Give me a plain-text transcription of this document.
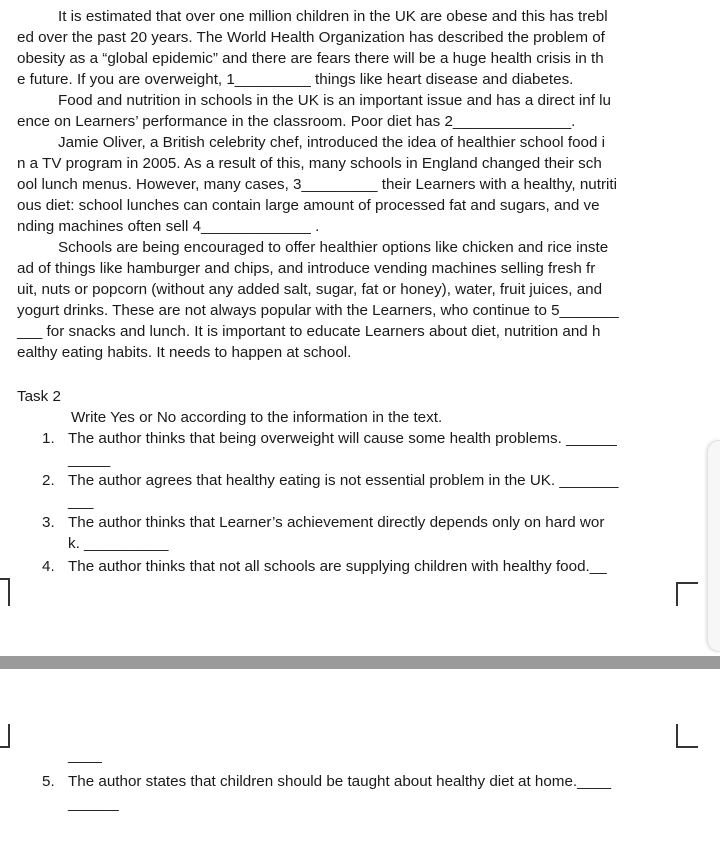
It is estimated that over one million children in the UK are obese and this has trebl
ed over the past 20 years. The World Health Organization has described the problem of
obesity as a “global epidemic” and there are fears there will be a huge health crisis in th
e future. If you are overweight, 1_________ things like heart disease and diabetes.
Food and nutrition in schools in the UK is an important issue and has a direct inf lu
ence on Learners’ performance in the classroom. Poor diet has 2______________.
Jamie Oliver, a British celebrity chef, introduced the idea of healthier school food i
n a TV program in 2005. As a result of this, many schools in England changed their sch
ool lunch menus. However, many cases, 3_________ their Learners with a healthy, nutriti
ous diet: school lunches can contain large amount of processed fat and sugars, and ve
nding machines often sell 4_____________ .
Schools are being encouraged to offer healthier options like chicken and rice inste
ad of things like hamburger and chips, and introduce vending machines selling fresh fr
uit, nuts or popcorn (without any added salt, sugar, fat or honey), water, fruit juices, and
yogurt drinks. These are not always popular with the Learners, who continue to 5_______
___ for snacks and lunch. It is important to educate Learners about diet, nutrition and h
ealthy eating habits. It needs to happen at school.
Task 2
Write Yes or No according to the information in the text.
1. The author thinks that being overweight will cause some health problems. ______
_____
2. The author agrees that healthy eating is not essential problem in the UK. _______
___
3. The author thinks that Learner’s achievement directly depends only on hard wor
k. __________
4. The author thinks that not all schools are supplying children with healthy food.__
____
5. The author states that children should be taught about healthy diet at home.____
______
